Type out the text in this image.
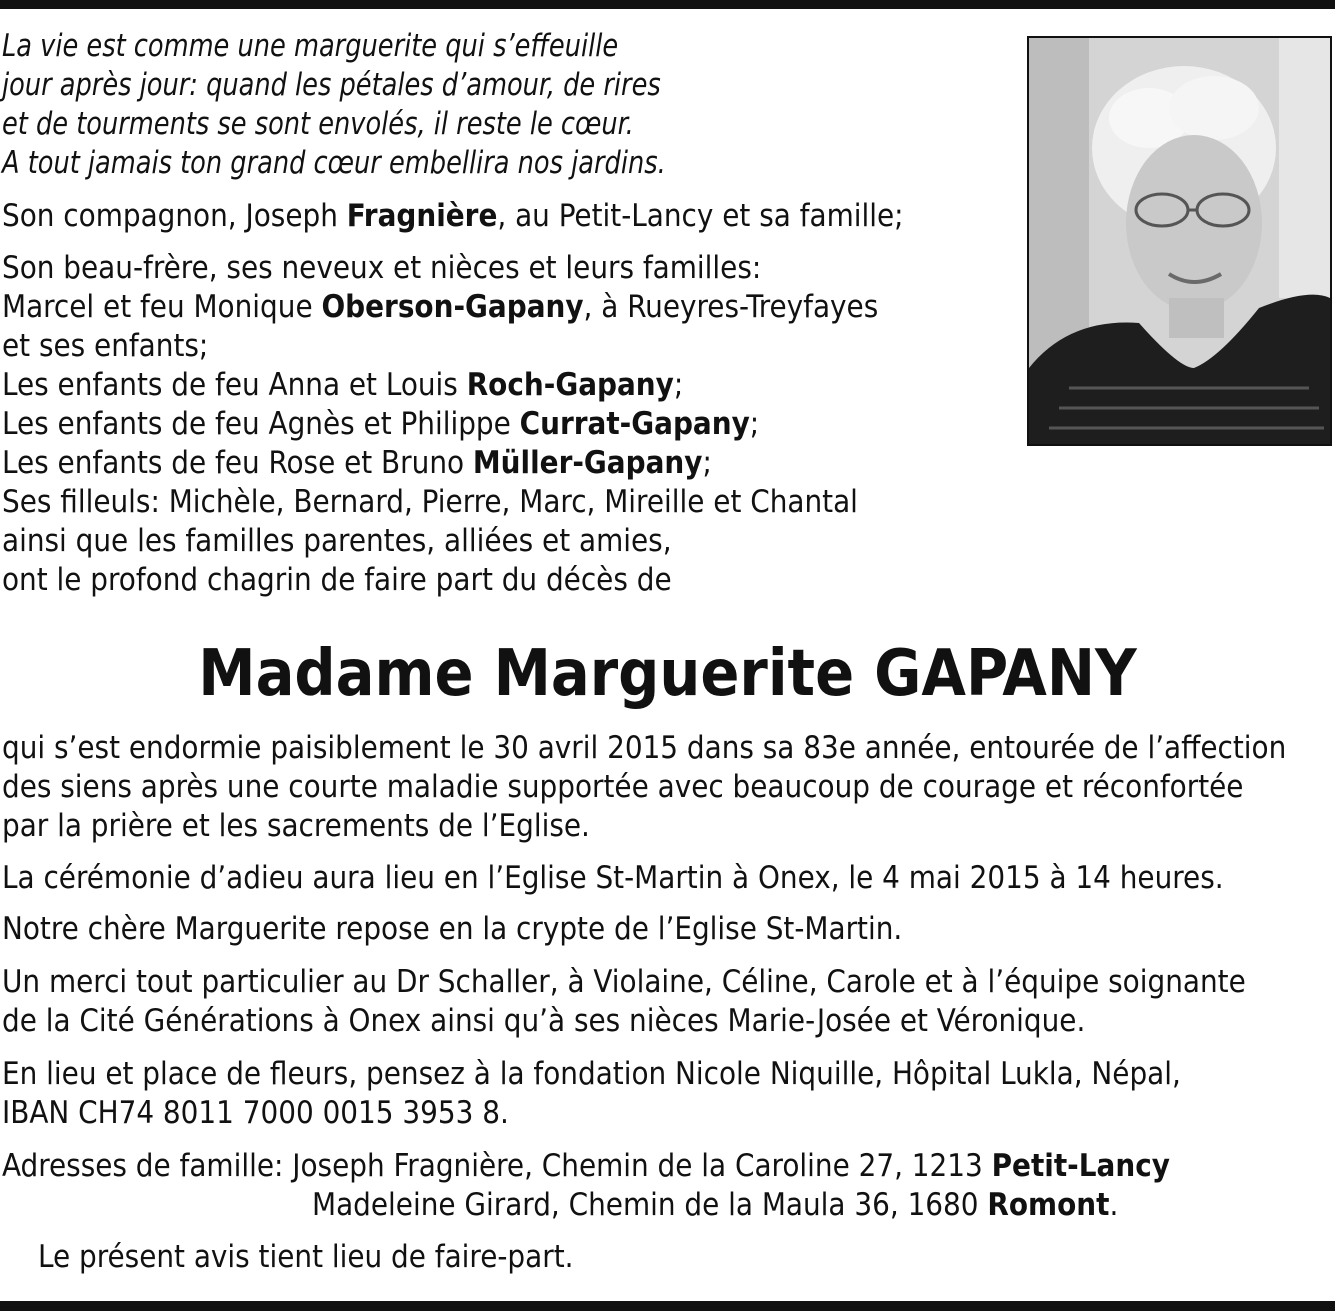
La vie est comme une marguerite qui s’effeuille
jour après jour: quand les pétales d’amour, de rires
et de tourments se sont envolés, il reste le cœur.
A tout jamais ton grand cœur embellira nos jardins.
Son compagnon, Joseph Fragnière, au Petit-Lancy et sa famille;
Son beau-frère, ses neveux et nièces et leurs familles:
Marcel et feu Monique Oberson-Gapany, à Rueyres-Treyfayes
et ses enfants;
Les enfants de feu Anna et Louis Roch-Gapany;
Les enfants de feu Agnès et Philippe Currat-Gapany;
Les enfants de feu Rose et Bruno Müller-Gapany;
Ses filleuls: Michèle, Bernard, Pierre, Marc, Mireille et Chantal
ainsi que les familles parentes, alliées et amies,
ont le profond chagrin de faire part du décès de
Madame Marguerite GAPANY
qui s’est endormie paisiblement le 30 avril 2015 dans sa 83e année, entourée de l’affection
des siens après une courte maladie supportée avec beaucoup de courage et réconfortée
par la prière et les sacrements de l’Eglise.
La cérémonie d’adieu aura lieu en l’Eglise St-Martin à Onex, le 4 mai 2015 à 14 heures.
Notre chère Marguerite repose en la crypte de l’Eglise St-Martin.
Un merci tout particulier au Dr Schaller, à Violaine, Céline, Carole et à l’équipe soignante
de la Cité Générations à Onex ainsi qu’à ses nièces Marie-Josée et Véronique.
En lieu et place de fleurs, pensez à la fondation Nicole Niquille, Hôpital Lukla, Népal,
IBAN CH74 8011 7000 0015 3953 8.
Adresses de famille: Joseph Fragnière, Chemin de la Caroline 27, 1213 Petit-Lancy
Madeleine Girard, Chemin de la Maula 36, 1680 Romont.
Le présent avis tient lieu de faire-part.
